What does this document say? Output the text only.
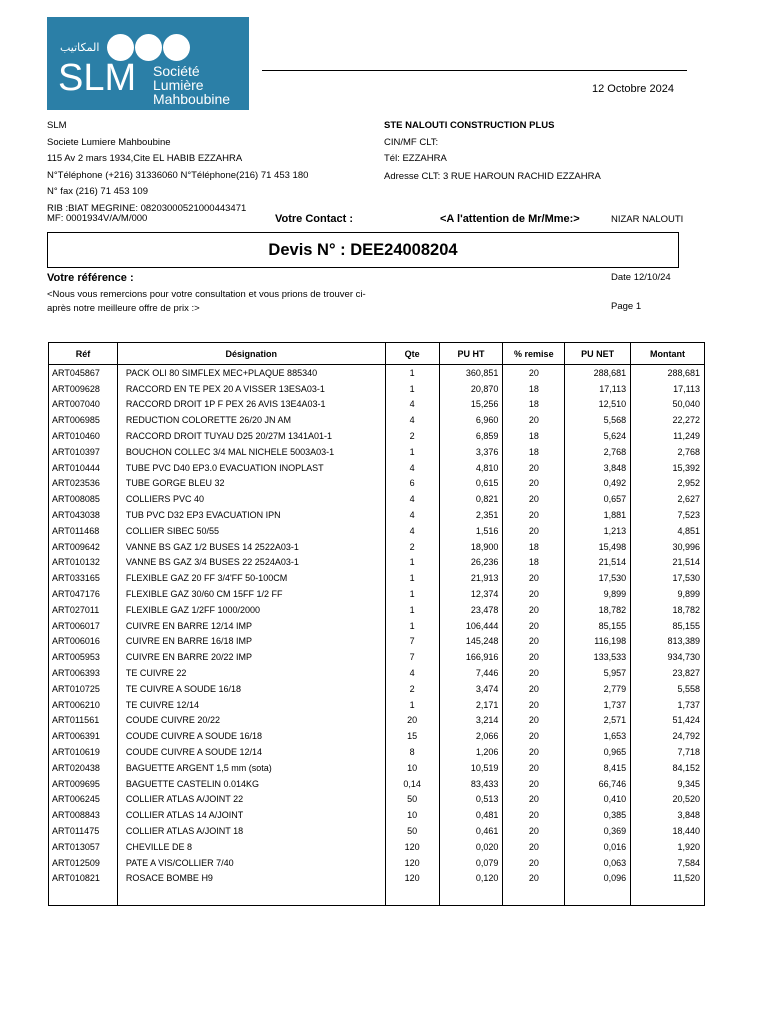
المكاتيب
SLM Société
Lumière
Mahboubine
12 Octobre 2024
SLM
Societe Lumiere Mahboubine
115 Av 2 mars 1934,Cite EL HABIB EZZAHRA
N°Téléphone (+216) 31336060 N°Téléphone(216) 71 453 180
N° fax (216) 71 453 109
RIB :BIAT MEGRINE: 08203000521000443471
STE NALOUTI CONSTRUCTION PLUS
CIN/MF CLT:
Tél: EZZAHRA
Adresse CLT: 3 RUE HAROUN RACHID EZZAHRA
MF: 0001934V/A/M/000	Votre Contact :	<A l'attention de Mr/Mme:>	NIZAR NALOUTI
Devis N° : DEE24008204
Votre référence :	Date 12/10/24
<Nous vous remercions pour votre consultation et vous prions de trouver ci-
après notre meilleure offre de prix :>	Page 1
Réf	Désignation	Qte	PU HT	% remise	PU NET	Montant
ART045867	PACK OLI 80 SIMFLEX MEC+PLAQUE 885340	1	360,851	20	288,681	288,681
ART009628	RACCORD EN TE PEX 20 A VISSER 13ESA03-1	1	20,870	18	17,113	17,113
ART007040	RACCORD DROIT 1P F PEX 26 AVIS 13E4A03-1	4	15,256	18	12,510	50,040
ART006985	REDUCTION COLORETTE 26/20 JN AM	4	6,960	20	5,568	22,272
ART010460	RACCORD DROIT TUYAU D25 20/27M 1341A01-1	2	6,859	18	5,624	11,249
ART010397	BOUCHON COLLEC 3/4 MAL NICHELE 5003A03-1	1	3,376	18	2,768	2,768
ART010444	TUBE PVC D40 EP3.0 EVACUATION INOPLAST	4	4,810	20	3,848	15,392
ART023536	TUBE GORGE BLEU 32	6	0,615	20	0,492	2,952
ART008085	COLLIERS PVC 40	4	0,821	20	0,657	2,627
ART043038	TUB PVC D32 EP3 EVACUATION IPN	4	2,351	20	1,881	7,523
ART011468	COLLIER SIBEC 50/55	4	1,516	20	1,213	4,851
ART009642	VANNE BS GAZ 1/2 BUSES 14 2522A03-1	2	18,900	18	15,498	30,996
ART010132	VANNE BS GAZ 3/4 BUSES 22 2524A03-1	1	26,236	18	21,514	21,514
ART033165	FLEXIBLE GAZ 20 FF 3/4'FF 50-100CM	1	21,913	20	17,530	17,530
ART047176	FLEXIBLE GAZ 30/60 CM 15FF 1/2 FF	1	12,374	20	9,899	9,899
ART027011	FLEXIBLE GAZ 1/2FF 1000/2000	1	23,478	20	18,782	18,782
ART006017	CUIVRE EN BARRE 12/14 IMP	1	106,444	20	85,155	85,155
ART006016	CUIVRE EN BARRE 16/18 IMP	7	145,248	20	116,198	813,389
ART005953	CUIVRE EN BARRE 20/22 IMP	7	166,916	20	133,533	934,730
ART006393	TE CUIVRE 22	4	7,446	20	5,957	23,827
ART010725	TE CUIVRE A SOUDE 16/18	2	3,474	20	2,779	5,558
ART006210	TE CUIVRE 12/14	1	2,171	20	1,737	1,737
ART011561	COUDE CUIVRE 20/22	20	3,214	20	2,571	51,424
ART006391	COUDE CUIVRE A SOUDE 16/18	15	2,066	20	1,653	24,792
ART010619	COUDE CUIVRE A SOUDE 12/14	8	1,206	20	0,965	7,718
ART020438	BAGUETTE ARGENT 1,5 mm (sota)	10	10,519	20	8,415	84,152
ART009695	BAGUETTE CASTELIN 0.014KG	0,14	83,433	20	66,746	9,345
ART006245	COLLIER ATLAS A/JOINT 22	50	0,513	20	0,410	20,520
ART008843	COLLIER ATLAS 14 A/JOINT	10	0,481	20	0,385	3,848
ART011475	COLLIER ATLAS A/JOINT 18	50	0,461	20	0,369	18,440
ART013057	CHEVILLE DE 8	120	0,020	20	0,016	1,920
ART012509	PATE A VIS/COLLIER 7/40	120	0,079	20	0,063	7,584
ART010821	ROSACE BOMBE H9	120	0,120	20	0,096	11,520
